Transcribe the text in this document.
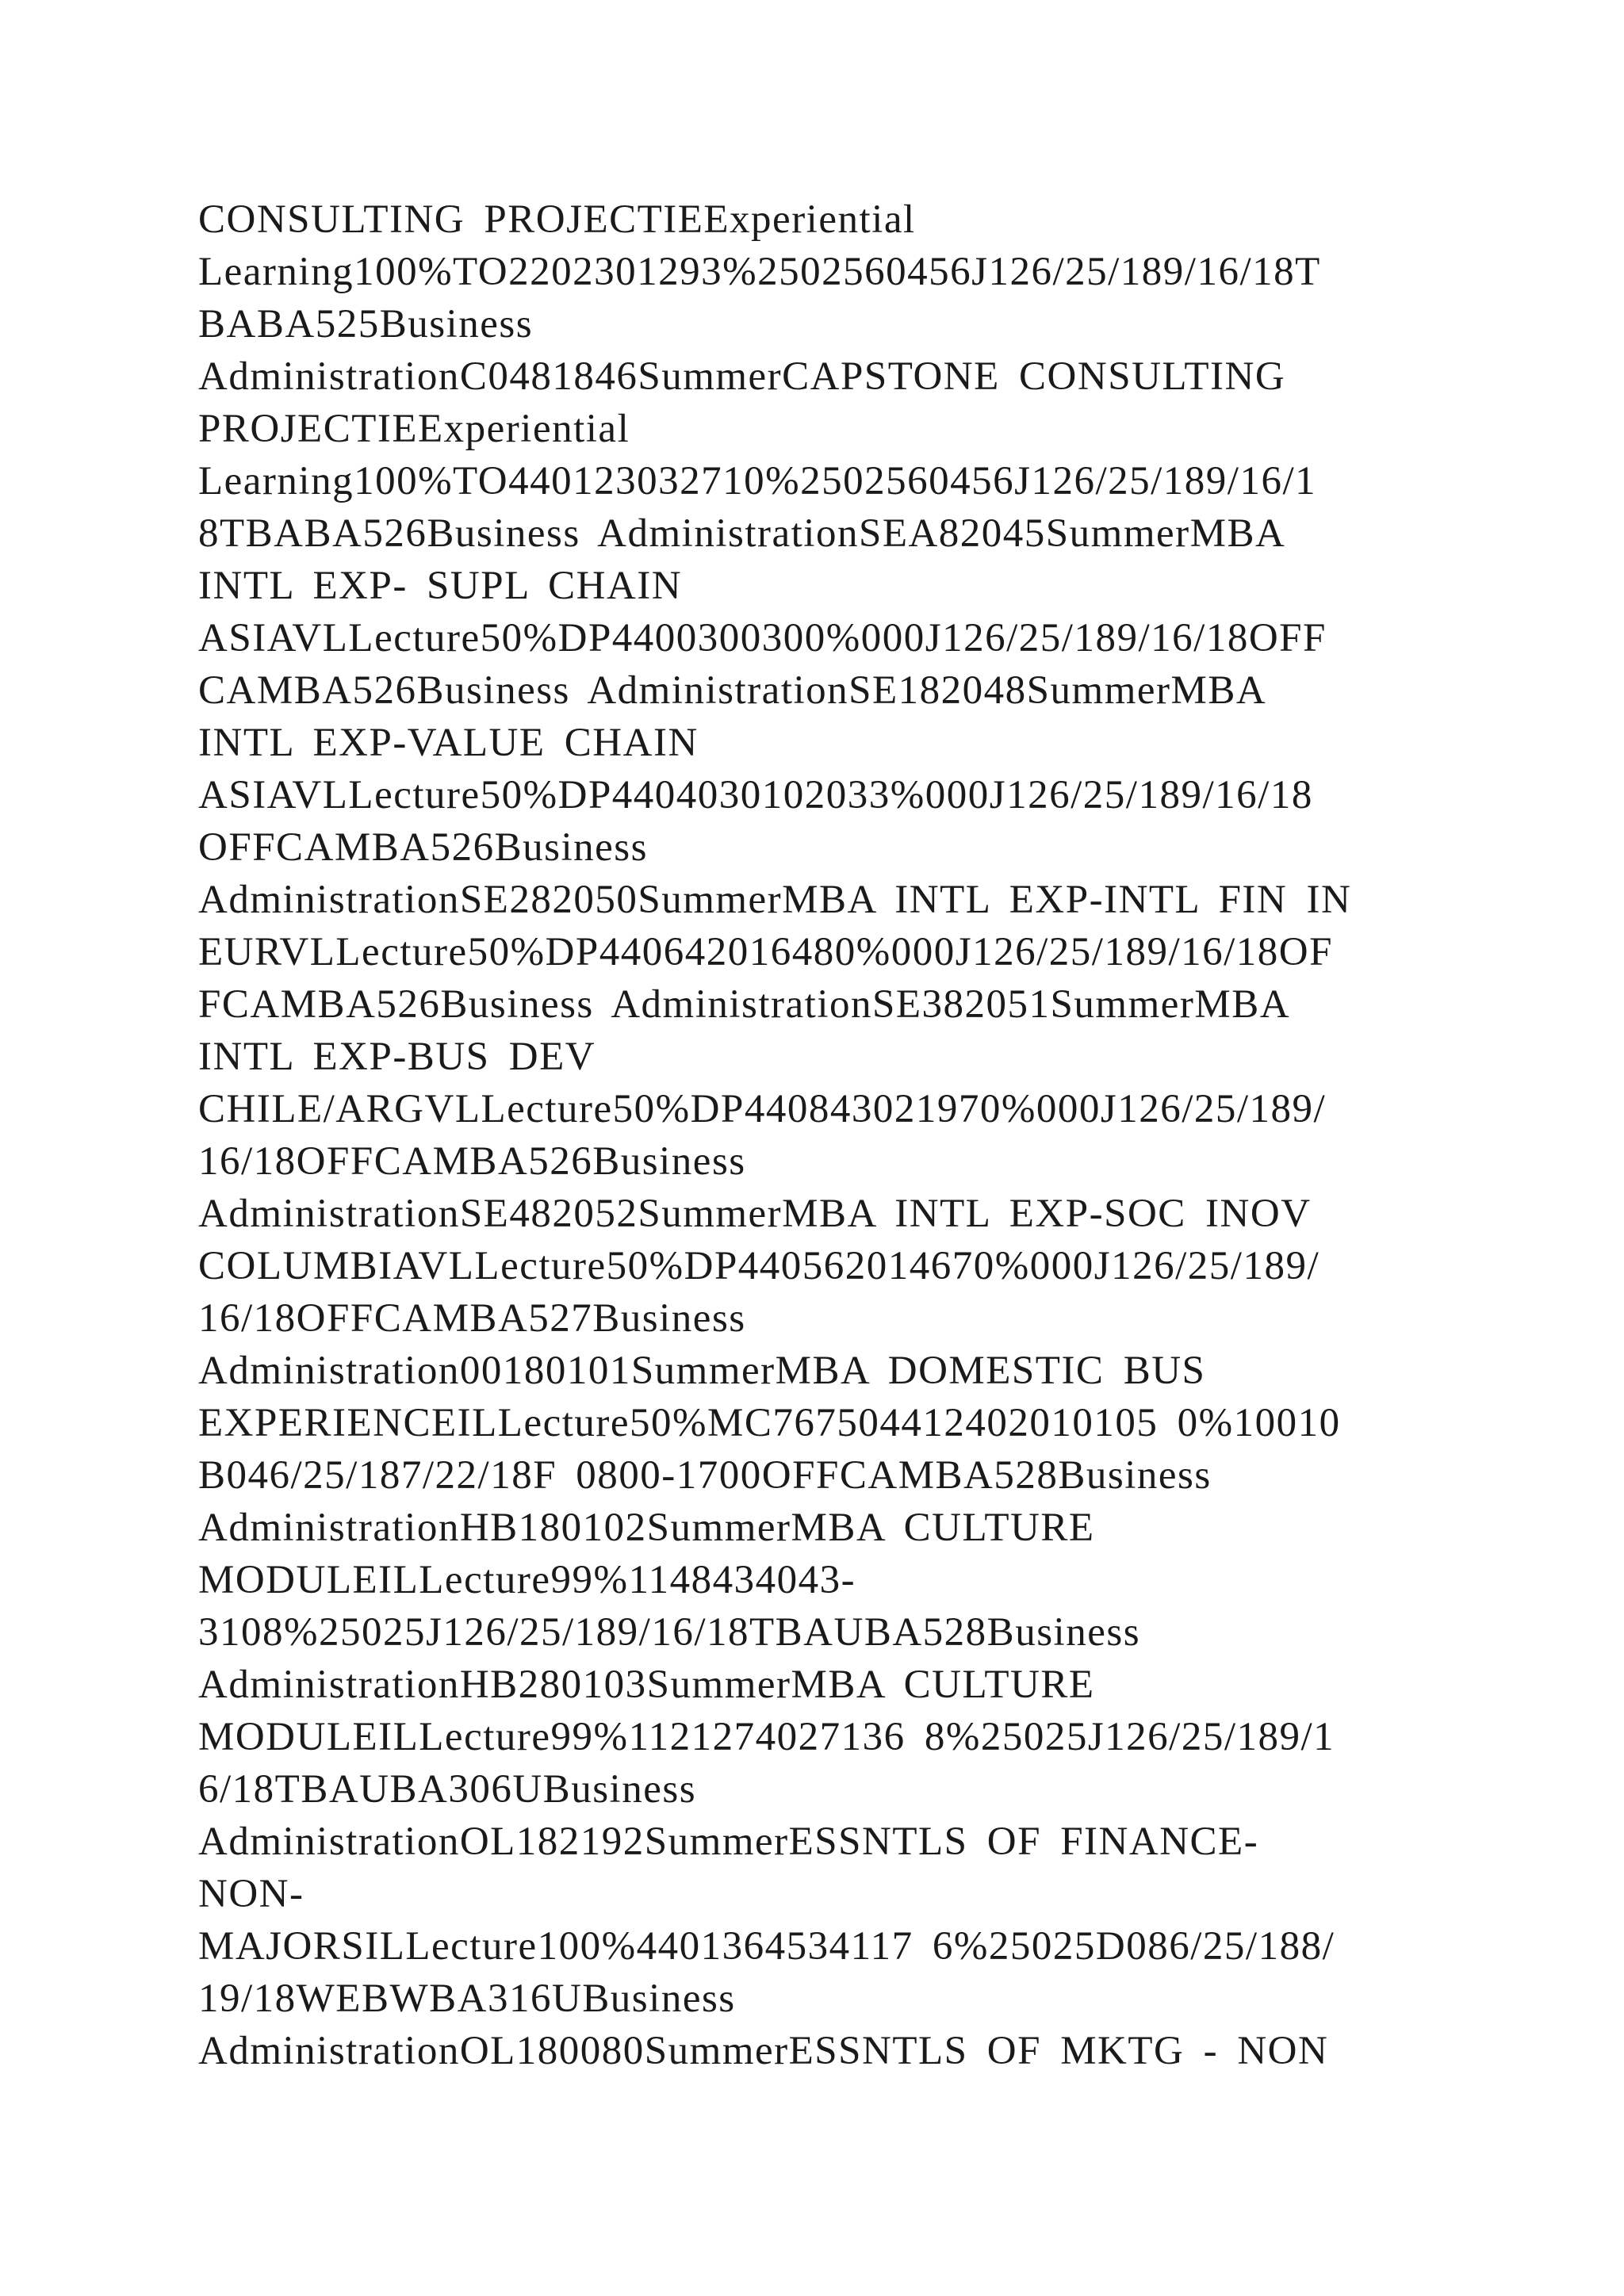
CONSULTING PROJECTIEExperiential
Learning100%TO2202301293%2502560456J126/25/189/16/18T
BABA525Business
AdministrationC0481846SummerCAPSTONE CONSULTING
PROJECTIEExperiential
Learning100%TO440123032710%2502560456J126/25/189/16/1
8TBABA526Business AdministrationSEA82045SummerMBA
INTL EXP- SUPL CHAIN
ASIAVLLecture50%DP4400300300%000J126/25/189/16/18OFF
CAMBA526Business AdministrationSE182048SummerMBA
INTL EXP-VALUE CHAIN
ASIAVLLecture50%DP4404030102033%000J126/25/189/16/18
OFFCAMBA526Business
AdministrationSE282050SummerMBA INTL EXP-INTL FIN IN
EURVLLecture50%DP440642016480%000J126/25/189/16/18OF
FCAMBA526Business AdministrationSE382051SummerMBA
INTL EXP-BUS DEV
CHILE/ARGVLLecture50%DP440843021970%000J126/25/189/
16/18OFFCAMBA526Business
AdministrationSE482052SummerMBA INTL EXP-SOC INOV
COLUMBIAVLLecture50%DP440562014670%000J126/25/189/
16/18OFFCAMBA527Business
Administration00180101SummerMBA DOMESTIC BUS
EXPERIENCEILLecture50%MC767504412402010105 0%10010
B046/25/187/22/18F 0800-1700OFFCAMBA528Business
AdministrationHB180102SummerMBA CULTURE
MODULEILLecture99%1148434043-
3108%25025J126/25/189/16/18TBAUBA528Business
AdministrationHB280103SummerMBA CULTURE
MODULEILLecture99%1121274027136 8%25025J126/25/189/1
6/18TBAUBA306UBusiness
AdministrationOL182192SummerESSNTLS OF FINANCE-
NON-
MAJORSILLecture100%4401364534117 6%25025D086/25/188/
19/18WEBWBA316UBusiness
AdministrationOL180080SummerESSNTLS OF MKTG - NON
